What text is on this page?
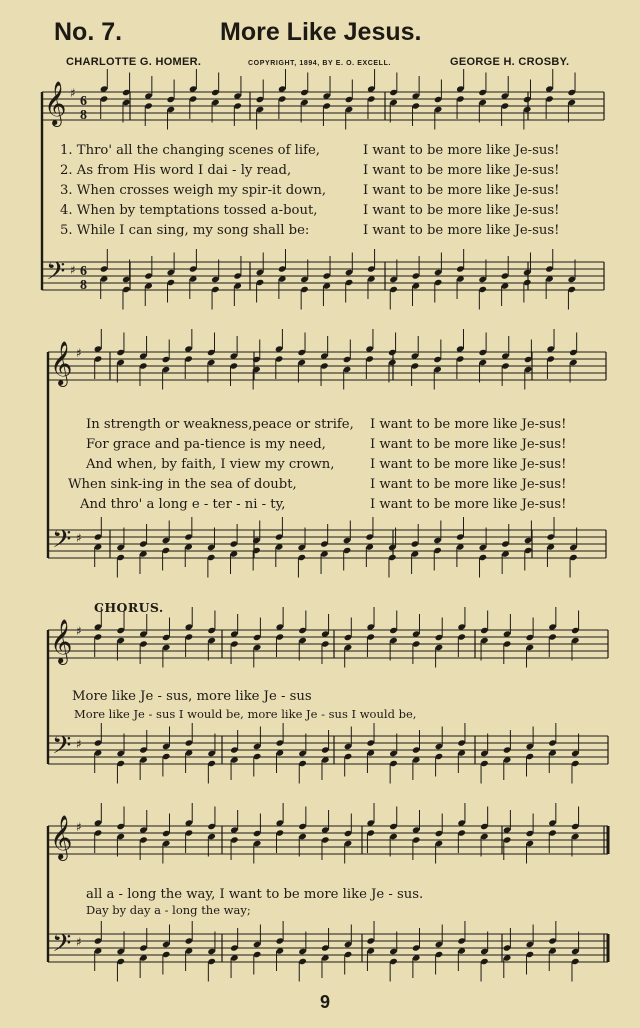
No. 7.	More Like Jesus.
CHARLOTTE G. HOMER.	COPYRIGHT, 1894, BY E. O. EXCELL.	GEORGE H. CROSBY.
𝄞
𝄢
♯
♯
6
8
6
8
𝄞
𝄢
♯
♯
𝄞
𝄢
♯
♯
𝄞
𝄢
♯
♯
1. Thro' all the changing scenes of life,	I want to be more like Je-sus!
2. As from His word I dai - ly read,	I want to be more like Je-sus!
3. When crosses weigh my spir-it down,	I want to be more like Je-sus!
4. When by temptations tossed a-bout,	I want to be more like Je-sus!
5. While I can sing, my song shall be:	I want to be more like Je-sus!
In strength or weakness,peace or strife, I want to be more like Je-sus!
For grace and pa-tience is my need,	I want to be more like Je-sus!
And when, by faith, I view my crown,	I want to be more like Je-sus!
When sink-ing in the sea of doubt,	I want to be more like Je-sus!
And thro' a long e - ter - ni - ty,	I want to be more like Je-sus!
CHORUS.
More like Je - sus, more like Je - sus
More like Je - sus I would be, more like Je - sus I would be,
all a - long the way, I want to be more like Je - sus.
Day by day a - long the way;
9
